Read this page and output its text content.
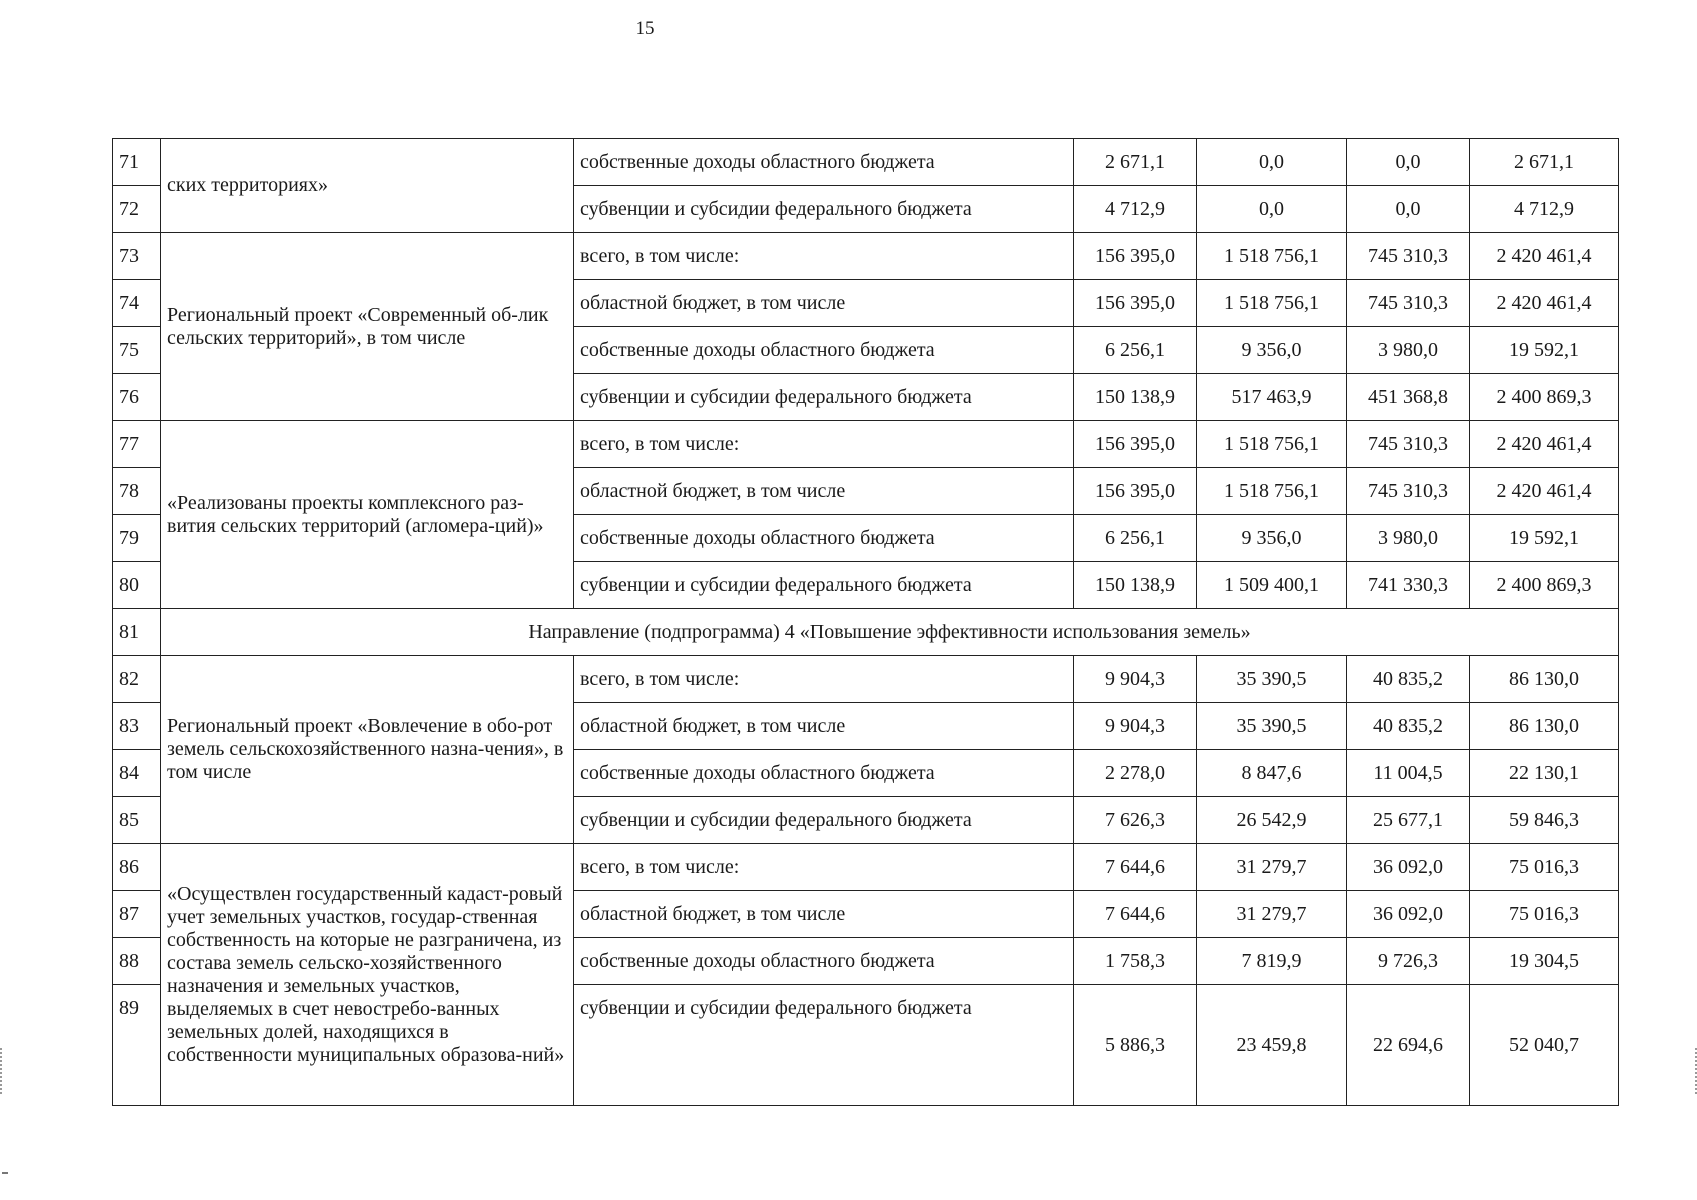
15
71	ских территориях»	собственные доходы областного бюджета	2 671,1	0,0	0,0	2 671,1
72		субвенции и субсидии федерального бюджета	4 712,9	0,0	0,0	4 712,9
73	Региональный проект «Современный об-лик сельских территорий», в том числе	всего, в том числе:	156 395,0	1 518 756,1	745 310,3	2 420 461,4
74		областной бюджет, в том числе	156 395,0	1 518 756,1	745 310,3	2 420 461,4
75		собственные доходы областного бюджета	6 256,1	9 356,0	3 980,0	19 592,1
76		субвенции и субсидии федерального бюджета	150 138,9	517 463,9	451 368,8	2 400 869,3
77	«Реализованы проекты комплексного раз-вития сельских территорий (агломера-ций)»	всего, в том числе:	156 395,0	1 518 756,1	745 310,3	2 420 461,4
78		областной бюджет, в том числе	156 395,0	1 518 756,1	745 310,3	2 420 461,4
79		собственные доходы областного бюджета	6 256,1	9 356,0	3 980,0	19 592,1
80		субвенции и субсидии федерального бюджета	150 138,9	1 509 400,1	741 330,3	2 400 869,3
81	Направление (подпрограмма) 4 «Повышение эффективности использования земель»					
82	Региональный проект «Вовлечение в обо-рот земель сельскохозяйственного назна-чения», в том числе	всего, в том числе:	9 904,3	35 390,5	40 835,2	86 130,0
83		областной бюджет, в том числе	9 904,3	35 390,5	40 835,2	86 130,0
84		собственные доходы областного бюджета	2 278,0	8 847,6	11 004,5	22 130,1
85		субвенции и субсидии федерального бюджета	7 626,3	26 542,9	25 677,1	59 846,3
86	«Осуществлен государственный кадаст-ровый учет земельных участков, государ-ственная собственность на которые не разграничена, из состава земель сельско-хозяйственного назначения и земельных участков, выделяемых в счет невостребо-ванных земельных долей, находящихся в собственности муниципальных образова-ний»	всего, в том числе:	7 644,6	31 279,7	36 092,0	75 016,3
87		областной бюджет, в том числе	7 644,6	31 279,7	36 092,0	75 016,3
88		собственные доходы областного бюджета	1 758,3	7 819,9	9 726,3	19 304,5
89		субвенции и субсидии федерального бюджета	5 886,3	23 459,8	22 694,6	52 040,7
